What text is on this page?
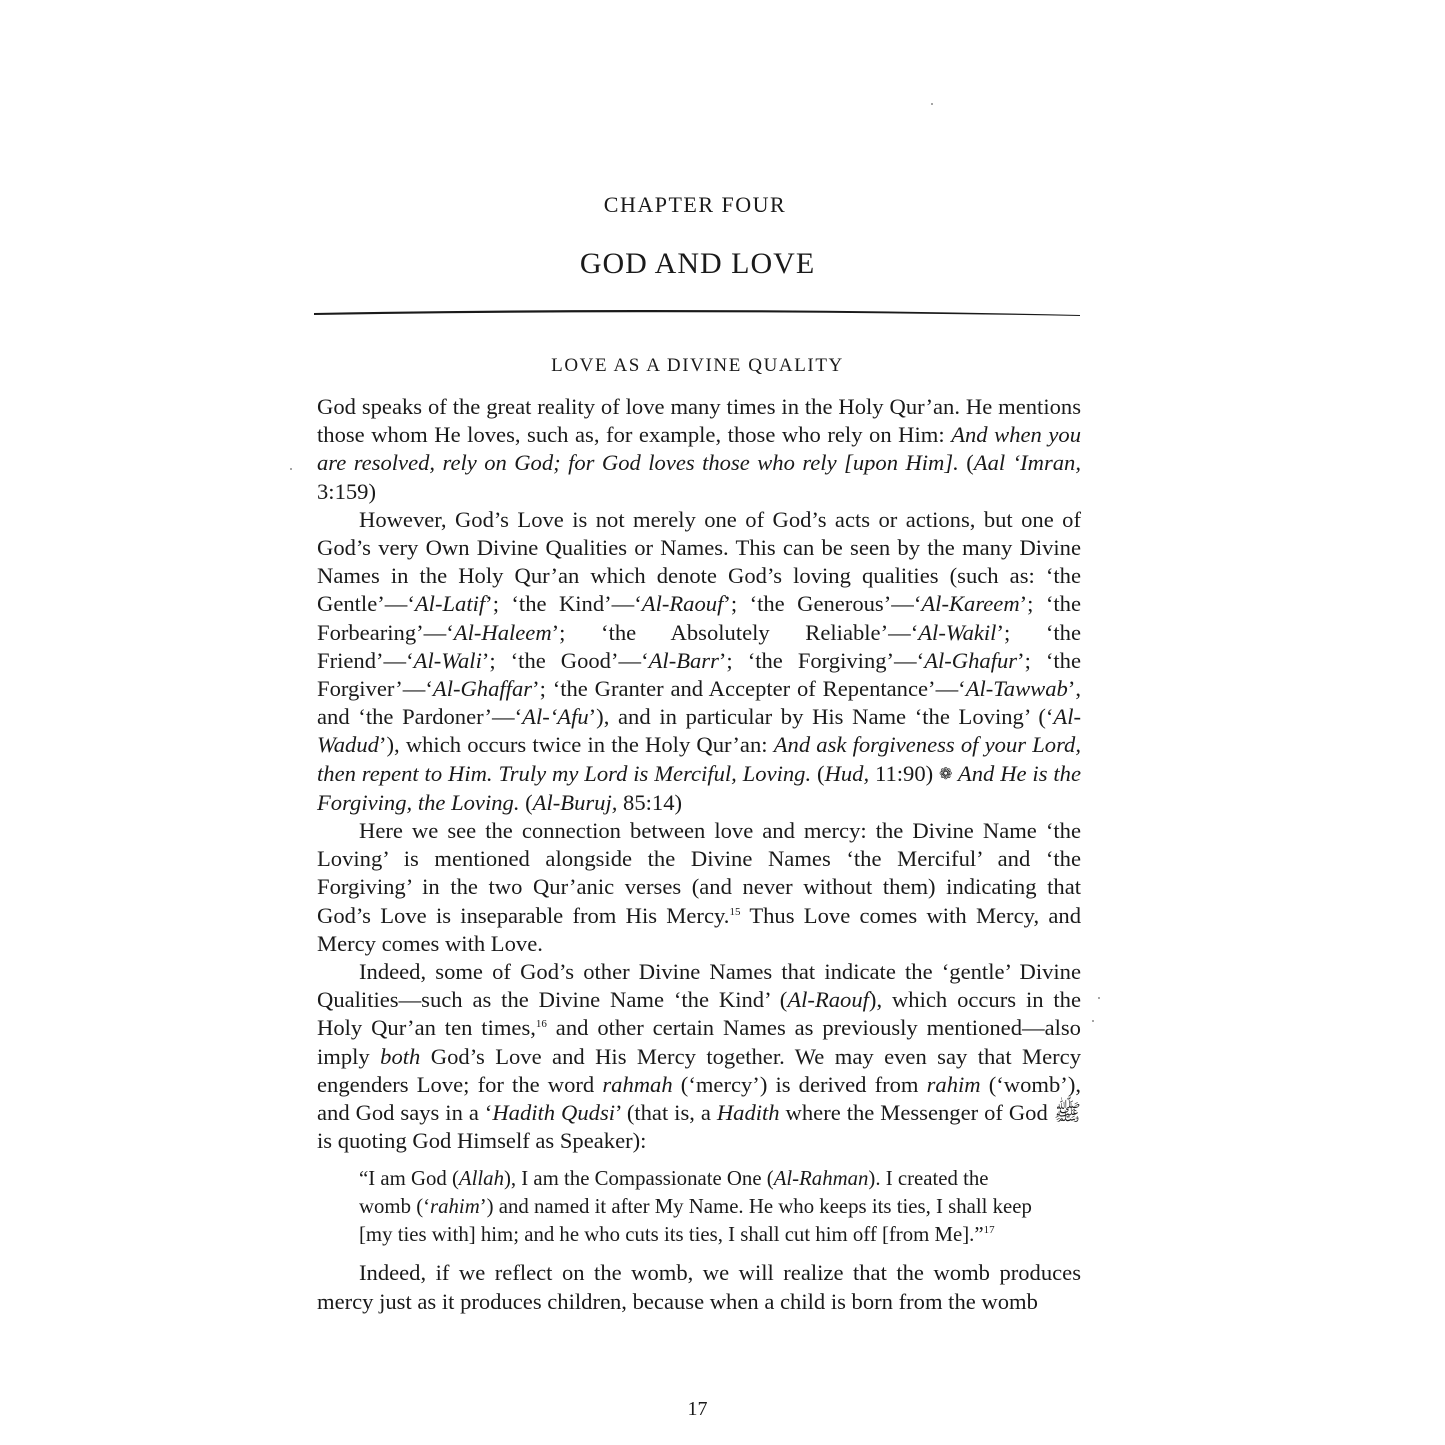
CHAPTER FOUR
GOD AND LOVE
LOVE AS A DIVINE QUALITY

God speaks of the great reality of love many times in the Holy Qur’an. He mentions those whom He loves, such as, for example, those who rely on Him: And when you are resolved, rely on God; for God loves those who rely [upon Him]. (Aal ‘Imran, 3:159)

However, God’s Love is not merely one of God’s acts or actions, but one of God’s very Own Divine Qualities or Names. This can be seen by the many Divine Names in the Holy Qur’an which denote God’s loving qualities (such as: ‘the Gentle’—‘Al-Latif’; ‘the Kind’—‘Al-Raouf’; ‘the Generous’—‘Al-Kareem’; ‘the Forbearing’—‘Al-Haleem’; ‘the Absolutely Reliable’—‘Al-Wakil’; ‘the Friend’—‘Al-Wali’; ‘the Good’—‘Al-Barr’; ‘the Forgiving’—‘Al-Ghafur’; ‘the Forgiver’—‘Al-Ghaffar’; ‘the Granter and Accepter of Repentance’—‘Al-Tawwab’, and ‘the Pardoner’—‘Al-‘Afu’), and in particular by His Name ‘the Loving’ (‘Al-Wadud’), which occurs twice in the Holy Qur’an: And ask forgiveness of your Lord, then repent to Him. Truly my Lord is Merciful, Loving. (Hud, 11:90) ❁ And He is the Forgiving, the Loving. (Al-Buruj, 85:14)

Here we see the connection between love and mercy: the Divine Name ‘the Loving’ is mentioned alongside the Divine Names ‘the Merciful’ and ‘the Forgiving’ in the two Qur’anic verses (and never without them) indicating that God’s Love is inseparable from His Mercy.$^{15}$ Thus Love comes with Mercy, and Mercy comes with Love.

Indeed, some of God’s other Divine Names that indicate the ‘gentle’ Divine Qualities—such as the Divine Name ‘the Kind’ (Al-Raouf), which occurs in the Holy Qur’an ten times,$^{16}$ and other certain Names as previously mentioned—also imply both God’s Love and His Mercy together. We may even say that Mercy engenders Love; for the word rahmah (‘mercy’) is derived from rahim (‘womb’), and God says in a ‘Hadith Qudsi’ (that is, a Hadith where the Messenger of God ﷺ is quoting God Himself as Speaker):

“I am God (Allah), I am the Compassionate One (Al-Rahman). I created the womb (‘rahim’) and named it after My Name. He who keeps its ties, I shall keep [my ties with] him; and he who cuts its ties, I shall cut him off [from Me].”$^{17}$

Indeed, if we reflect on the womb, we will realize that the womb produces mercy just as it produces children, because when a child is born from the womb

17
